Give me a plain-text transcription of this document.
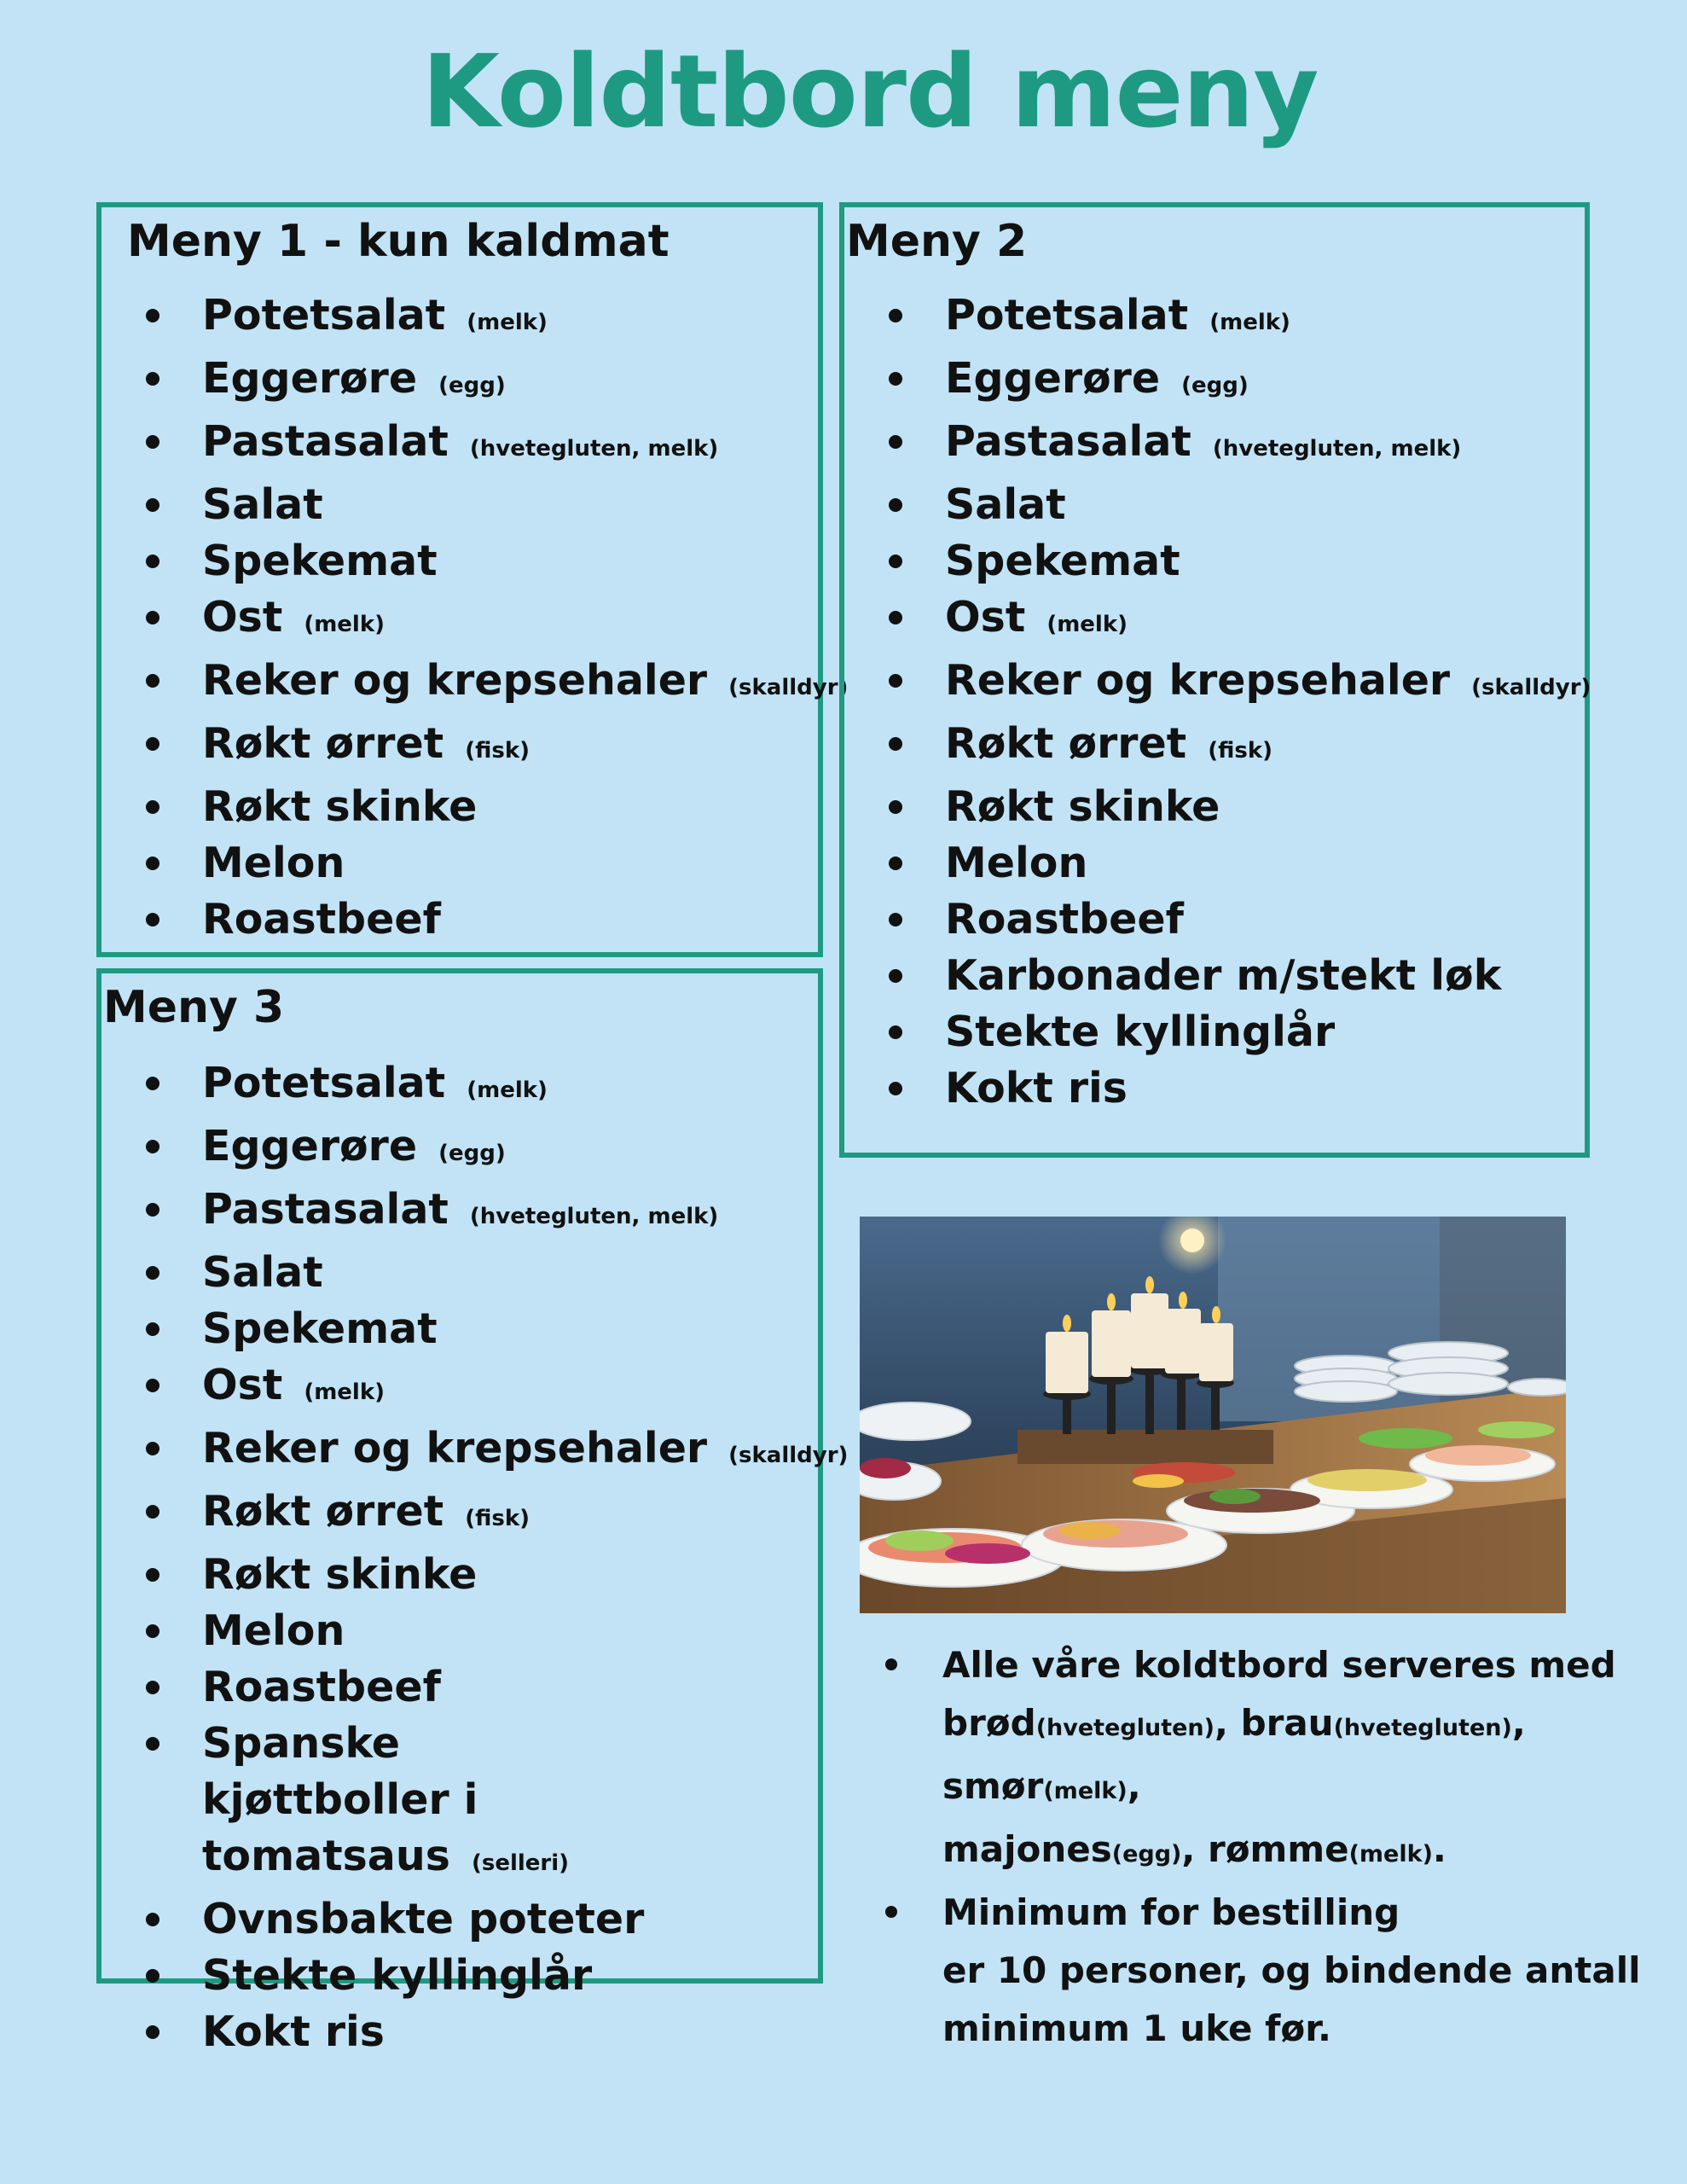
Koldtbord meny
Meny 1 - kun kaldmat
Potetsalat (melk)
Eggerøre (egg)
Pastasalat (hvetegluten, melk)
Salat
Spekemat
Ost (melk)
Reker og krepsehaler (skalldyr)
Røkt ørret (fisk)
Røkt skinke
Melon
Roastbeef
Meny 2
Potetsalat (melk)
Eggerøre (egg)
Pastasalat (hvetegluten, melk)
Salat
Spekemat
Ost (melk)
Reker og krepsehaler (skalldyr)
Røkt ørret (fisk)
Røkt skinke
Melon
Roastbeef
Karbonader m/stekt løk
Stekte kyllinglår
Kokt ris
Meny 3
Potetsalat (melk)
Eggerøre (egg)
Pastasalat (hvetegluten, melk)
Salat
Spekemat
Ost (melk)
Reker og krepsehaler (skalldyr)
Røkt ørret (fisk)
Røkt skinke
Melon
Roastbeef
Spanske kjøttboller i tomatsaus (selleri)
Ovnsbakte poteter
Stekte kyllinglår
Kokt ris
Alle våre koldtbord serveres med
brød(hvetegluten), brau(hvetegluten), smør(melk),
majones(egg), rømme(melk).
Minimum for bestilling
er 10 personer, og bindende antall
minimum 1 uke før.
